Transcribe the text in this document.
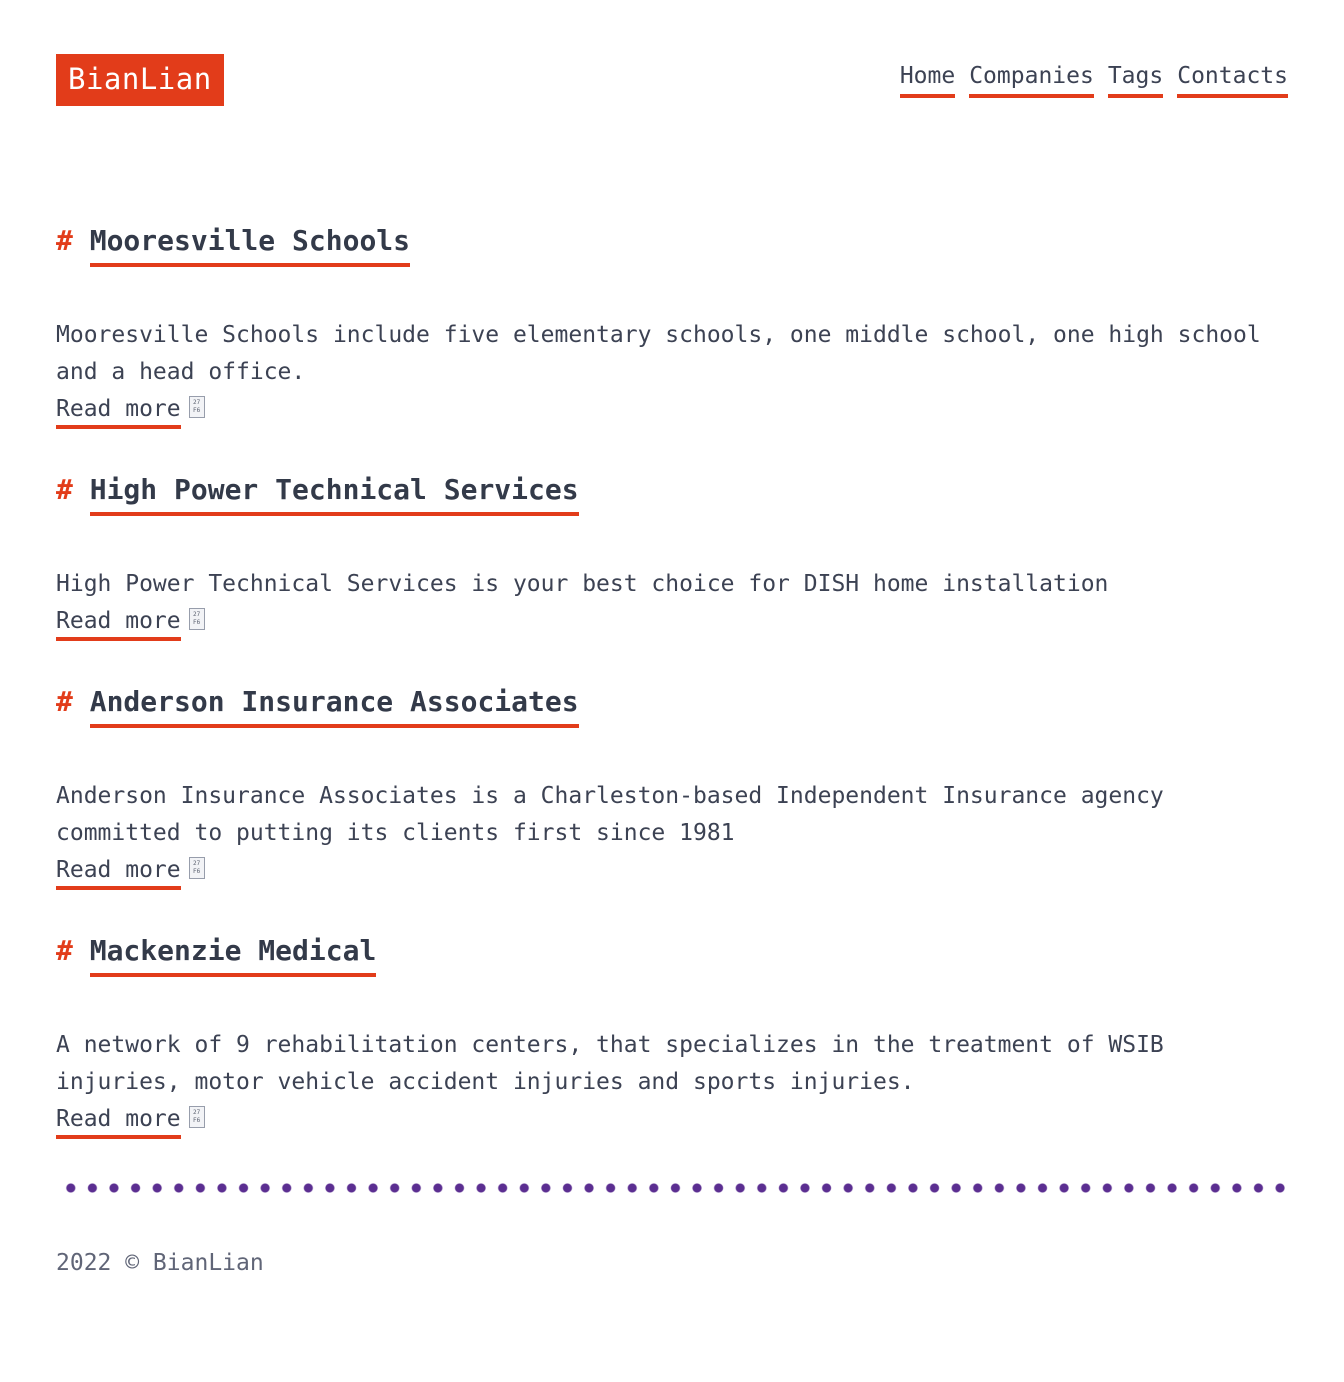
BianLian	Home Companies Tags Contacts
# Mooresville Schools

Mooresville Schools include five elementary schools, one middle school, one high school and a head office.

Read more	27
F6
# High Power Technical Services

High Power Technical Services is your best choice for DISH home installation

Read more	27
F6
# Anderson Insurance Associates

Anderson Insurance Associates is a Charleston-based Independent Insurance agency committed to putting its clients first since 1981

Read more	27
F6
# Mackenzie Medical

A network of 9 rehabilitation centers, that specializes in the treatment of WSIB injuries, motor vehicle accident injuries and sports injuries.

Read more	27
F6
2022 © BianLian
